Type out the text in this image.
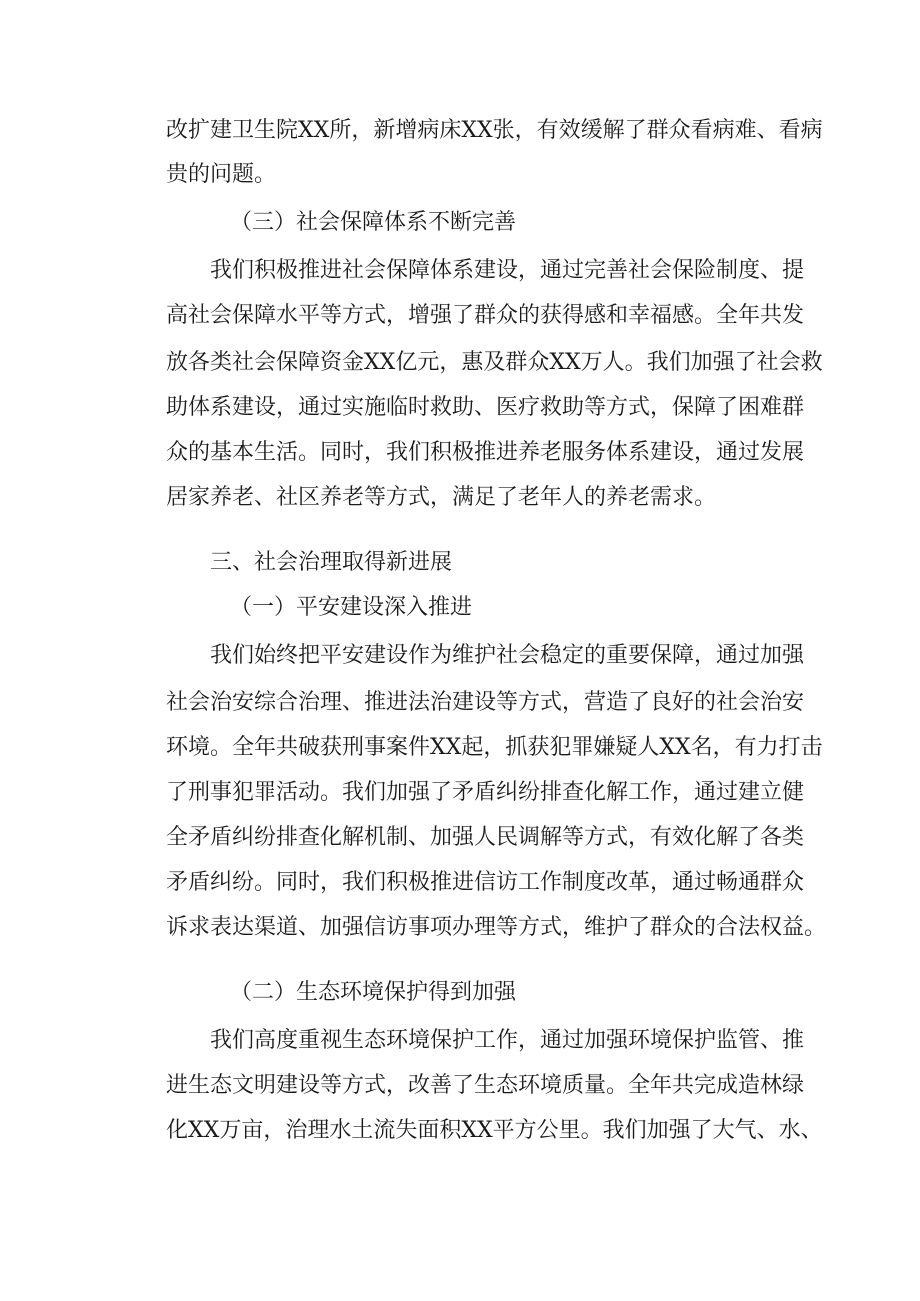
改扩建卫生院XX所，新增病床XX张，有效缓解了群众看病难、看病
贵的问题。
（三）社会保障体系不断完善
我们积极推进社会保障体系建设，通过完善社会保险制度、提
高社会保障水平等方式，增强了群众的获得感和幸福感。全年共发
放各类社会保障资金XX亿元，惠及群众XX万人。我们加强了社会救
助体系建设，通过实施临时救助、医疗救助等方式，保障了困难群
众的基本生活。同时，我们积极推进养老服务体系建设，通过发展
居家养老、社区养老等方式，满足了老年人的养老需求。
三、社会治理取得新进展
（一）平安建设深入推进
我们始终把平安建设作为维护社会稳定的重要保障，通过加强
社会治安综合治理、推进法治建设等方式，营造了良好的社会治安
环境。全年共破获刑事案件XX起，抓获犯罪嫌疑人XX名，有力打击
了刑事犯罪活动。我们加强了矛盾纠纷排查化解工作，通过建立健
全矛盾纠纷排查化解机制、加强人民调解等方式，有效化解了各类
矛盾纠纷。同时，我们积极推进信访工作制度改革，通过畅通群众
诉求表达渠道、加强信访事项办理等方式，维护了群众的合法权益。
（二）生态环境保护得到加强
我们高度重视生态环境保护工作，通过加强环境保护监管、推
进生态文明建设等方式，改善了生态环境质量。全年共完成造林绿
化XX万亩，治理水土流失面积XX平方公里。我们加强了大气、水、
